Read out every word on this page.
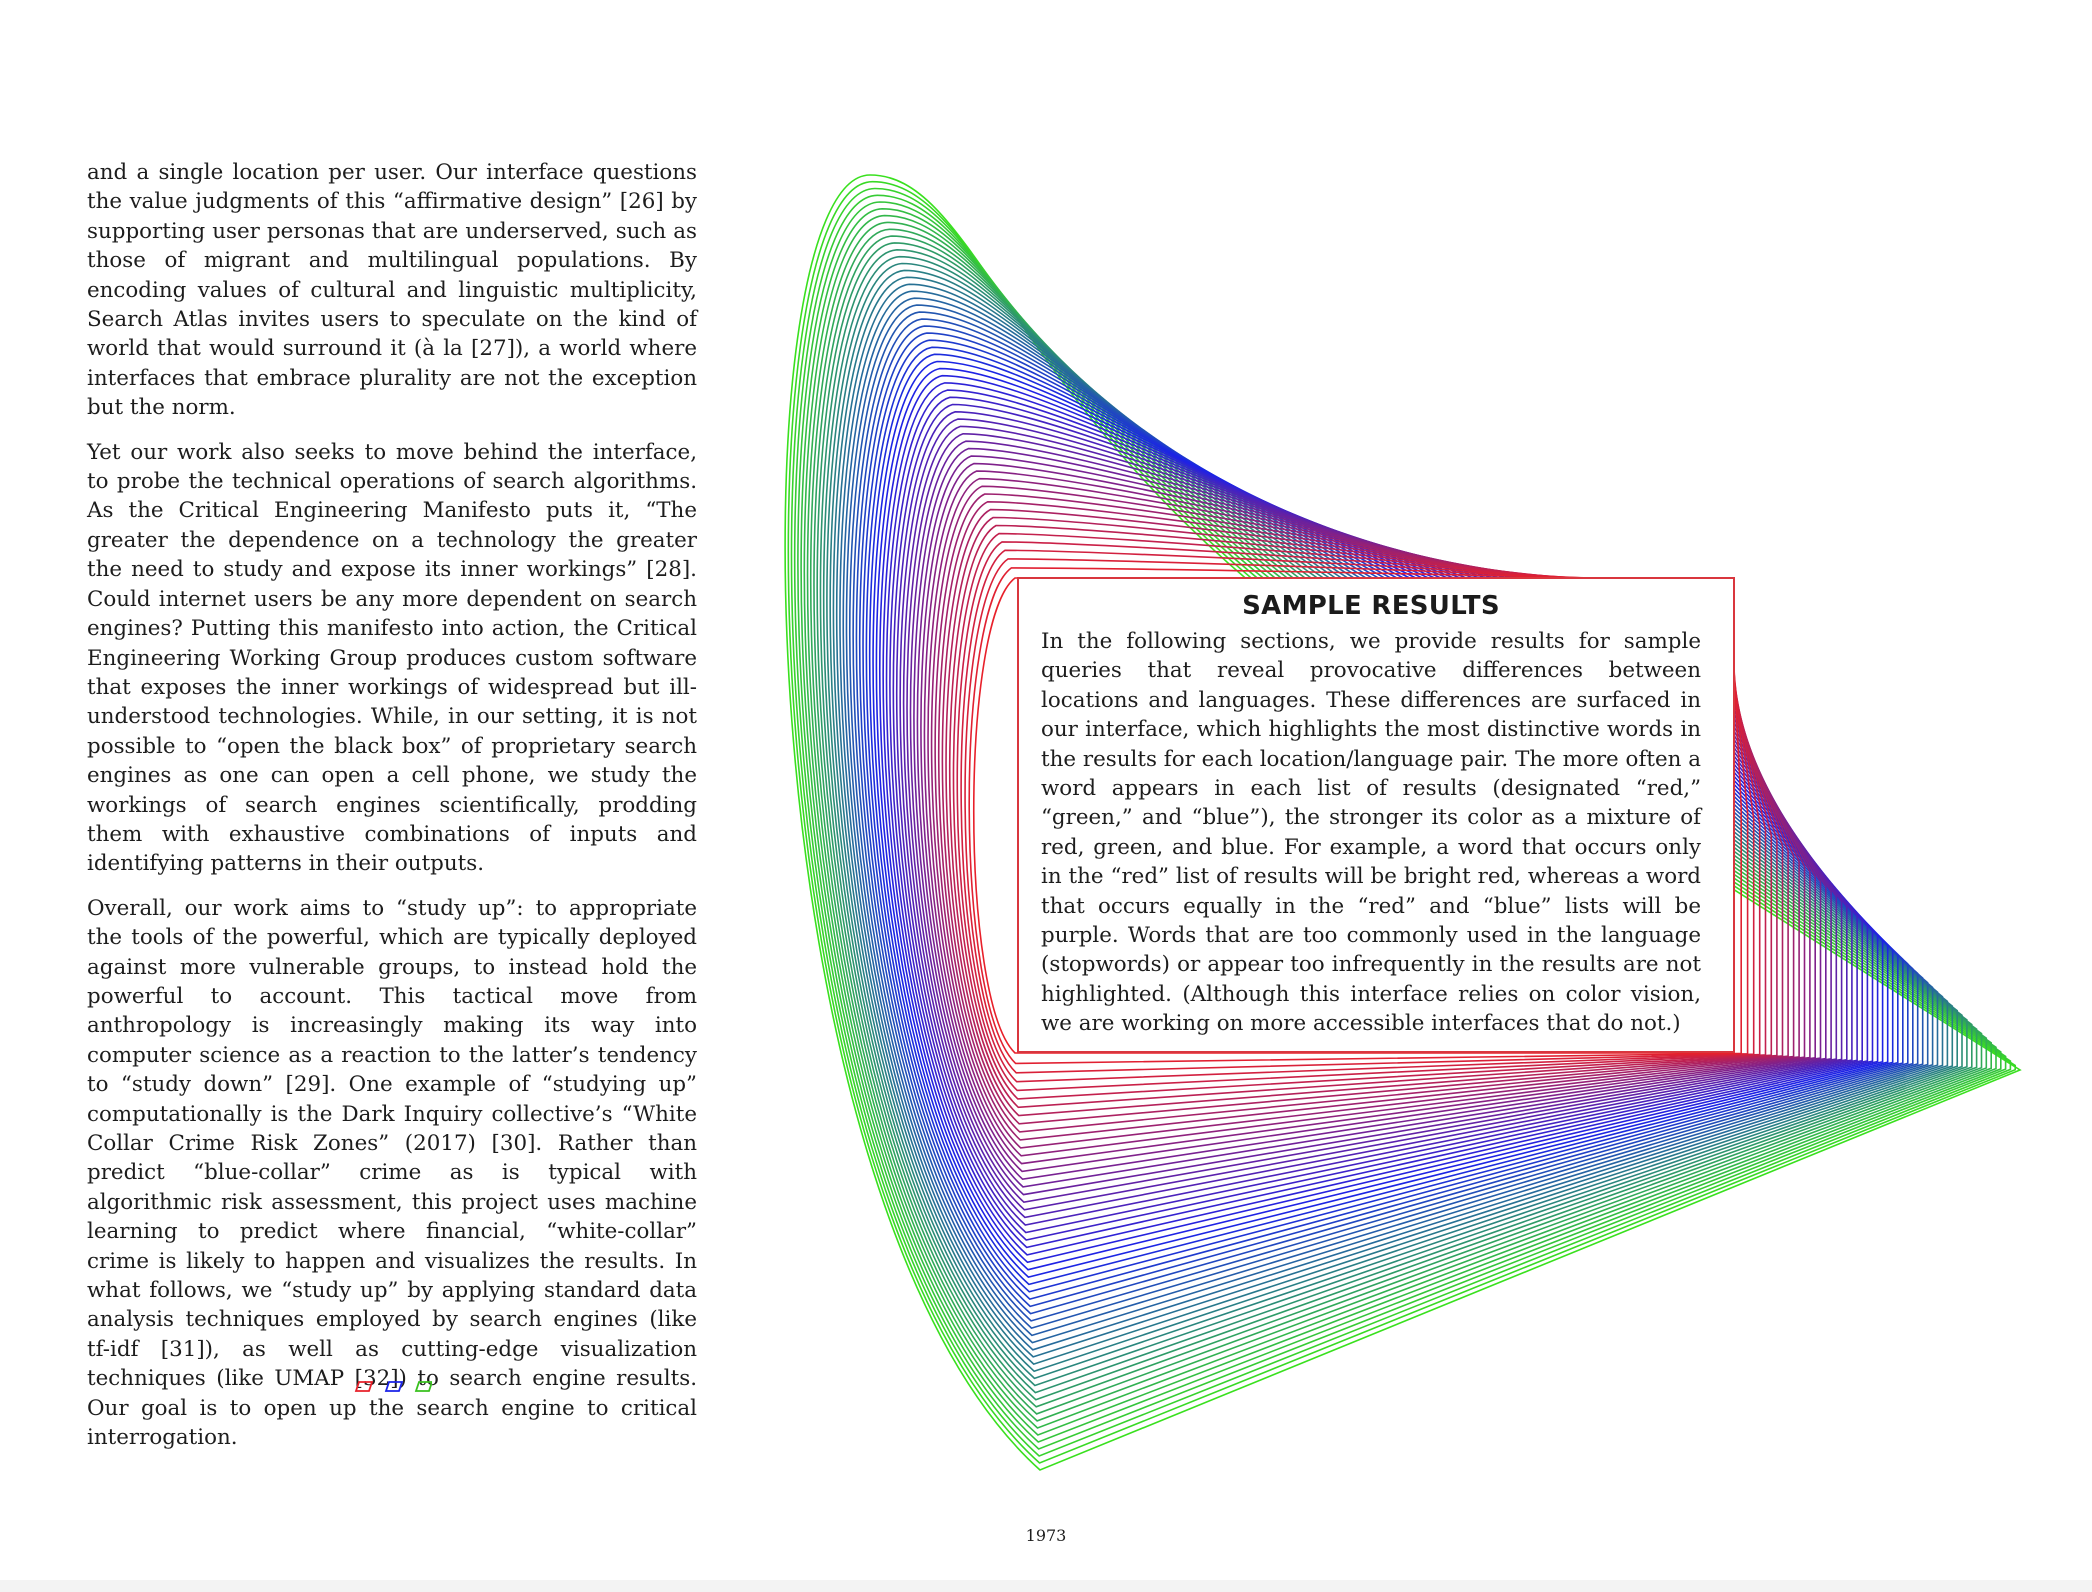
and a single location per user. Our interface questions the value judgments of this “affirmative design” [26] by supporting user personas that are underserved, such as those of migrant and multilingual populations. By encoding values of cultural and linguistic multiplicity, Search Atlas invites users to speculate on the kind of world that would surround it (à la [27]), a world where interfaces that embrace plurality are not the exception but the norm.

Yet our work also seeks to move behind the interface, to probe the technical operations of search algorithms. As the Critical Engineering Manifesto puts it, “The greater the dependence on a technology the greater the need to study and expose its inner workings” [28]. Could internet users be any more dependent on search engines? Putting this manifesto into action, the Critical Engineering Working Group produces custom software that exposes the inner workings of widespread but ill-understood technologies. While, in our setting, it is not possible to “open the black box” of proprietary search engines as one can open a cell phone, we study the workings of search engines scientifically, prodding them with exhaustive combinations of inputs and identifying patterns in their outputs.

Overall, our work aims to “study up”: to appropriate the tools of the powerful, which are typically deployed against more vulnerable groups, to instead hold the powerful to account. This tactical move from anthropology is increasingly making its way into computer science as a reaction to the latter’s tendency to “study down” [29]. One example of “studying up” computationally is the Dark Inquiry collective’s “White Collar Crime Risk Zones” (2017) [30]. Rather than predict “blue-collar” crime as is typical with algorithmic risk assessment, this project uses machine learning to predict where financial, “white-collar” crime is likely to happen and visualizes the results. In what follows, we “study up” by applying standard data analysis techniques employed by search engines (like tf-idf [31]), as well as cutting-edge visualization techniques (like UMAP [32]) to search engine results. Our goal is to open up the search engine to critical interrogation.

SAMPLE RESULTS

In the following sections, we provide results for sample queries that reveal provocative differences between locations and languages. These differences are surfaced in our interface, which highlights the most distinctive words in the results for each location/language pair. The more often a word appears in each list of results (designated “red,” “green,” and “blue”), the stronger its color as a mixture of red, green, and blue. For example, a word that occurs only in the “red” list of results will be bright red, whereas a word that occurs equally in the “red” and “blue” lists will be purple. Words that are too commonly used in the language (stopwords) or appear too infrequently in the results are not highlighted. (Although this interface relies on color vision, we are working on more accessible interfaces that do not.)

1973
